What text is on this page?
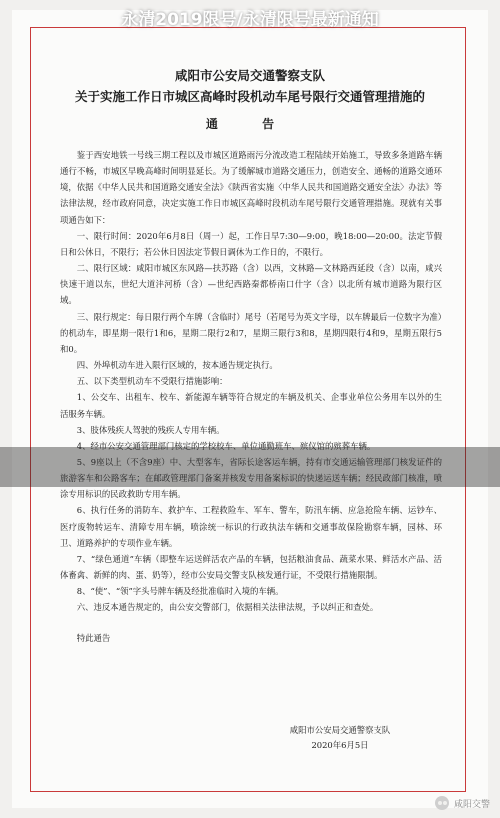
咸阳市公安局交通警察支队
关于实施工作日市城区高峰时段机动车尾号限行交通管理措施的
通 告

鉴于西安地铁一号线三期工程以及市城区道路雨污分流改造工程陆续开始施工，导致多条道路车辆通行不畅，市城区早晚高峰时间明显延长。为了缓解城市道路交通压力，创造安全、通畅的道路交通环境，依据《中华人民共和国道路交通安全法》《陕西省实施〈中华人民共和国道路交通安全法〉办法》等法律法规，经市政府同意，决定实施工作日市城区高峰时段机动车尾号限行交通管理措施。现就有关事项通告如下：

一、限行时间：2020年6月8日（周一）起，工作日早7:30—9:00，晚18:00—20:00。法定节假日和公休日，不限行；若公休日因法定节假日调休为工作日的，不限行。

二、限行区域：咸阳市城区东风路—扶苏路（含）以西，文林路—文林路西延段（含）以南，咸兴快速干道以东，世纪大道沣河桥（含）—世纪西路秦都桥南口什字（含）以北所有城市道路为限行区域。

三、限行规定：每日限行两个车牌（含临时）尾号（若尾号为英文字母，以车牌最后一位数字为准）的机动车，即星期一限行1和6，星期二限行2和7，星期三限行3和8，星期四限行4和9，星期五限行5和0。

四、外埠机动车进入限行区域的，按本通告规定执行。

五、以下类型机动车不受限行措施影响：

1、公交车、出租车、校车、新能源车辆等符合规定的车辆及机关、企事业单位公务用车以外的生活服务车辆。

3、肢体残疾人驾驶的残疾人专用车辆。

4、经市公安交通管理部门核定的学校校车、单位通勤班车、殡仪馆的殡葬车辆。

5、9座以上（不含9座）中、大型客车，省际长途客运车辆，持有市交通运输管理部门核发证件的旅游客车和公路客车；在邮政管理部门备案并核发专用备案标识的快递运送车辆；经民政部门核准，喷涂专用标识的民政救助专用车辆。

6、执行任务的消防车、救护车、工程救险车、军车、警车，防汛车辆、应急抢险车辆、运钞车、医疗废物转运车、清障专用车辆，喷涂统一标识的行政执法车辆和交通事故保险勘察车辆，园林、环卫、道路养护的专项作业车辆。

7、“绿色通道”车辆（即整车运送鲜活农产品的车辆，包括粮油食品、蔬菜水果、鲜活水产品、活体畜禽、新鲜的肉、蛋、奶等），经市公安局交警支队核发通行证，不受限行措施限制。

8、“使”、“领”字头号牌车辆及经批准临时入境的车辆。

六、违反本通告规定的，由公安交警部门，依据相关法律法规，予以纠正和查处。

特此通告

咸阳市公安局交通警察支队
2020年6月5日
永清2019限号/永清限号最新通知
咸阳交警
